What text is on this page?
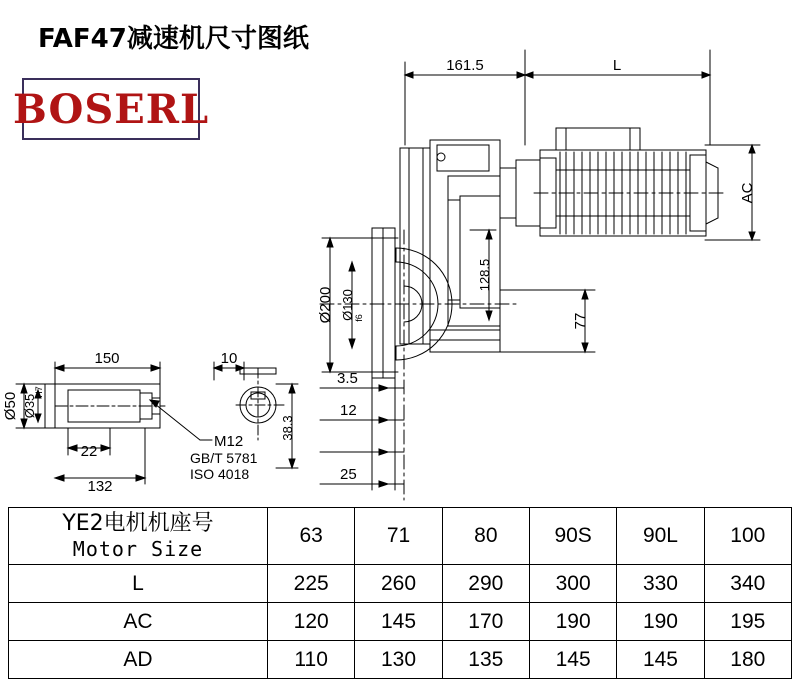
FAF47减速机尺寸图纸
BOSERL
161.5	L
AC
128.5
Ø200 Ø130 f6	77
3.5
12
25
150	10
22
132
Ø50 Ø35
H7
38.3
M12
GB/T 5781
ISO 4018
YE2电机机座号
Motor Size	63	71	80	90S	90L	100
L	225	260	290	300	330	340
AC	120	145	170	190	190	195
AD	110	130	135	145	145	180
